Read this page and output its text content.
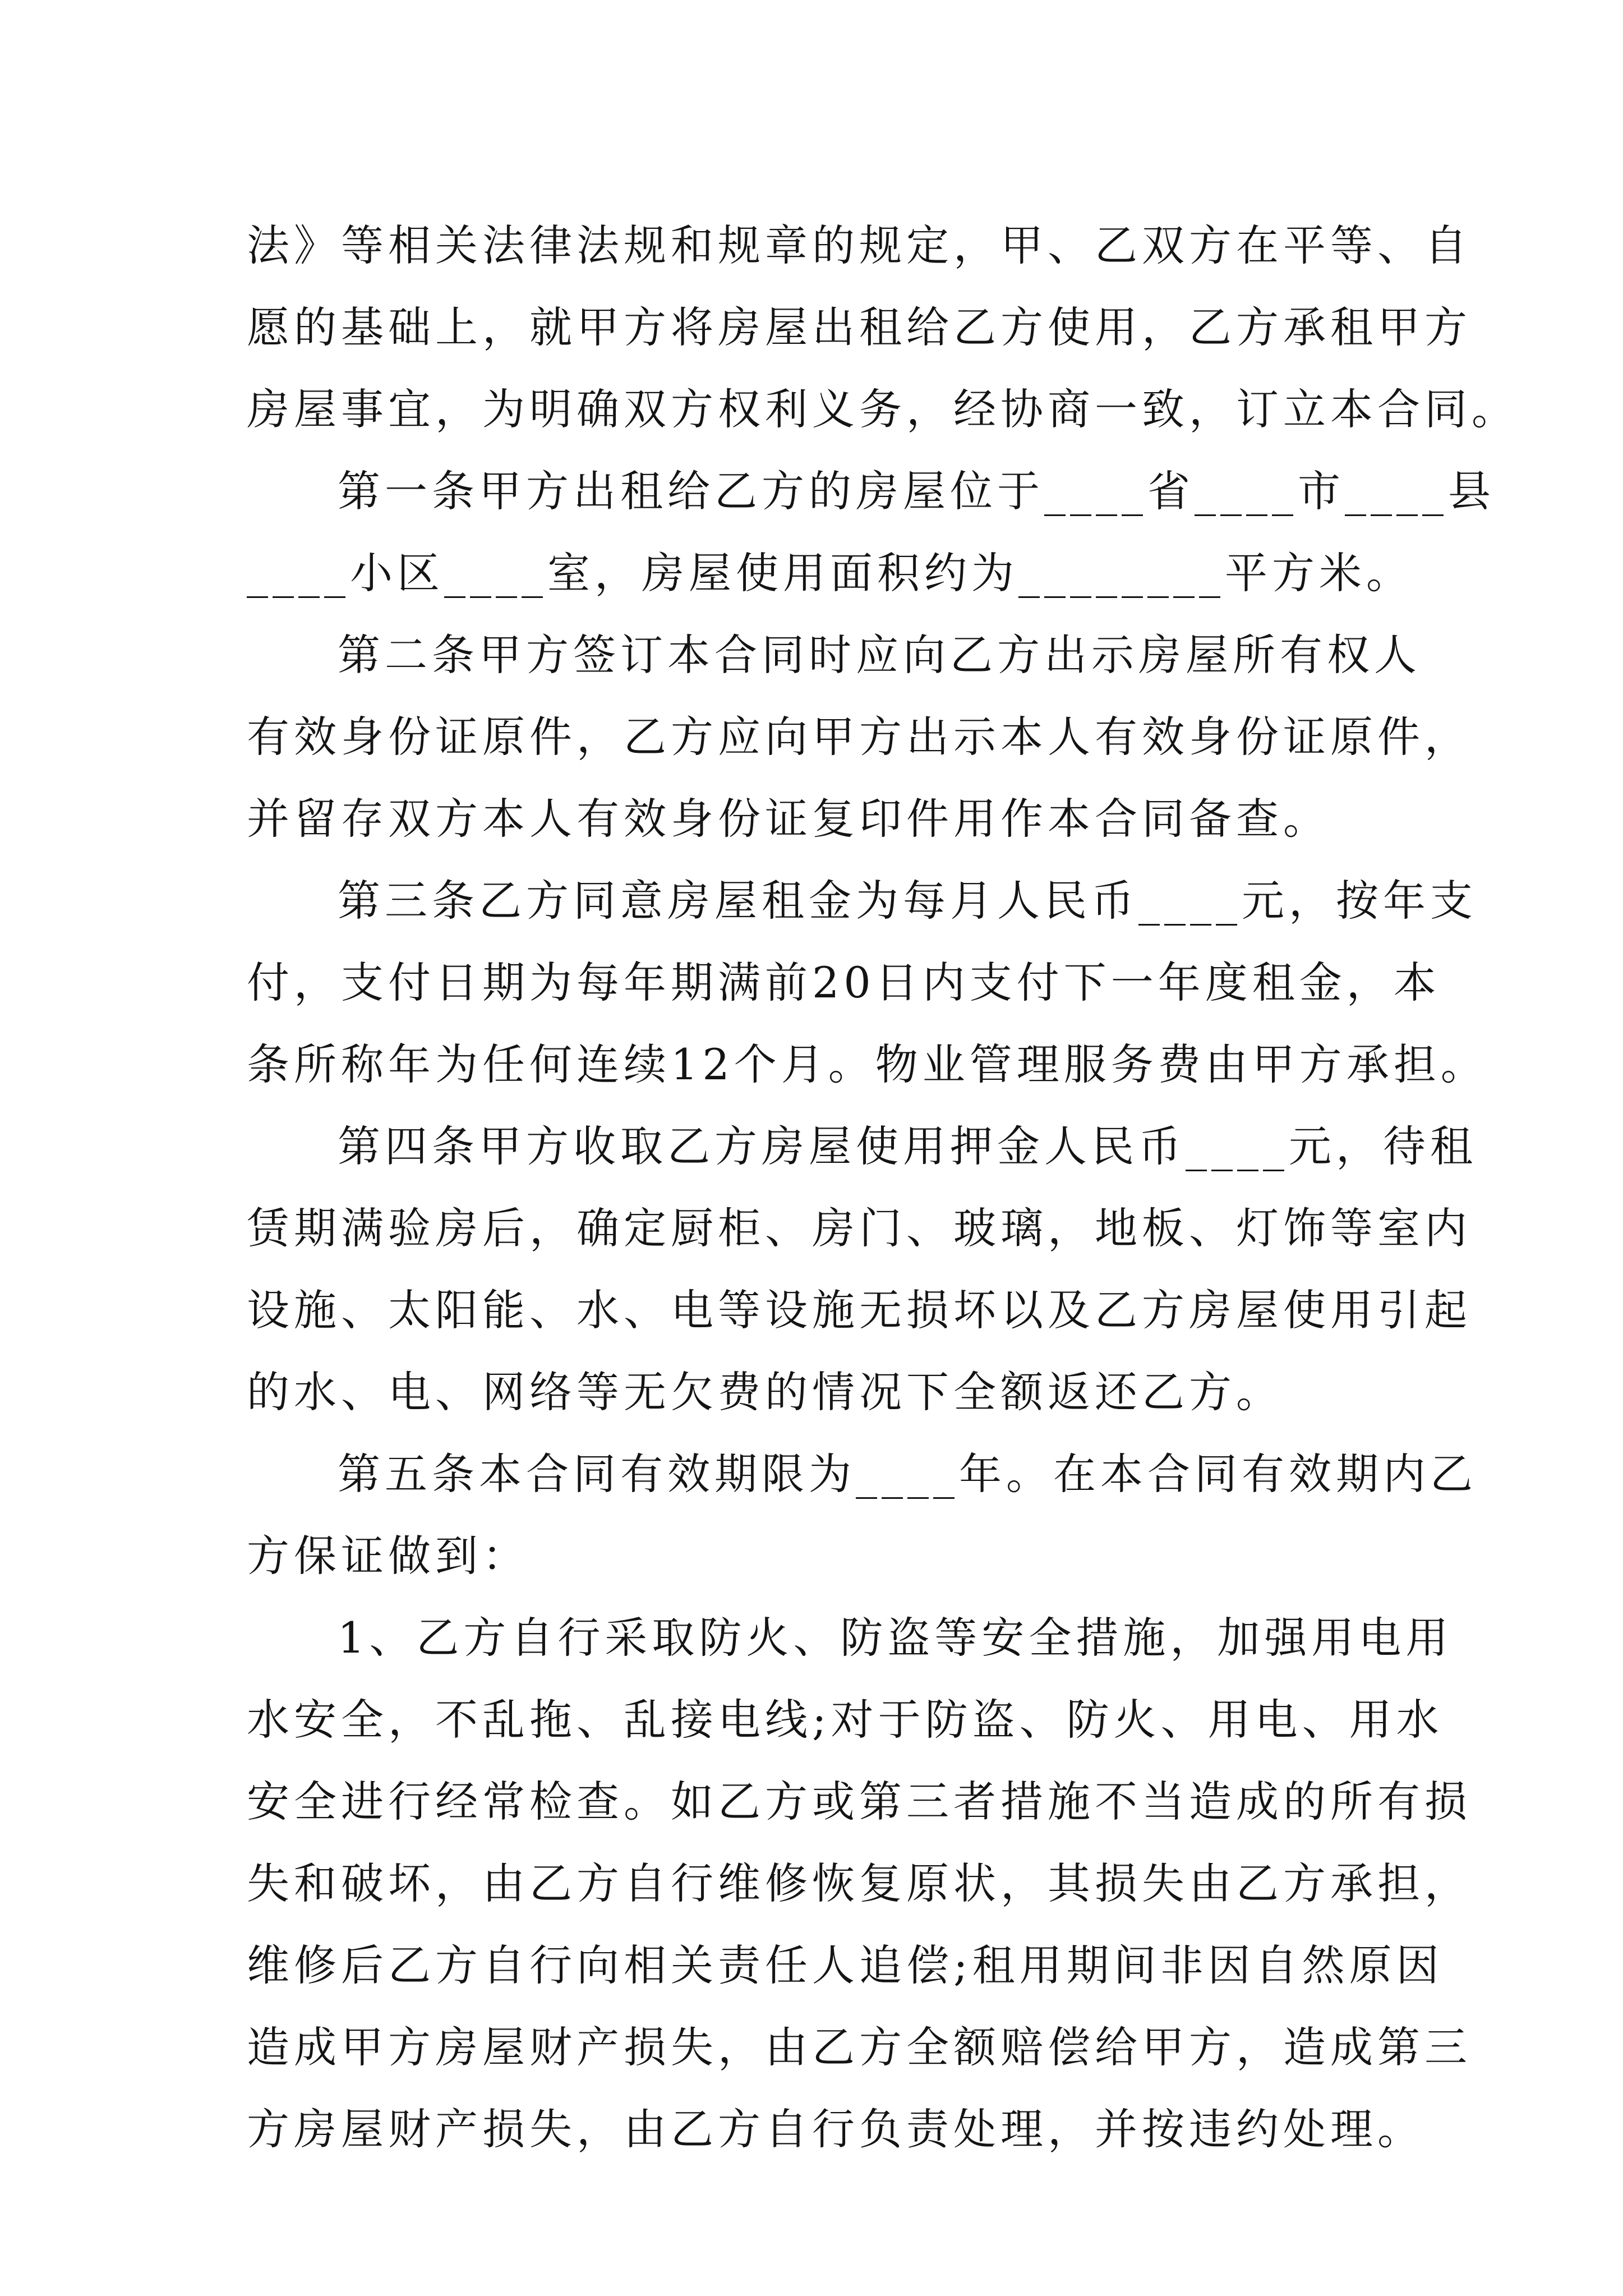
法》等相关法律法规和规章的规定，甲、乙双方在平等、自
愿的基础上，就甲方将房屋出租给乙方使用，乙方承租甲方
房屋事宜，为明确双方权利义务，经协商一致，订立本合同。
第一条甲方出租给乙方的房屋位于____省____市____县
____小区____室，房屋使用面积约为________平方米。
第二条甲方签订本合同时应向乙方出示房屋所有权人
有效身份证原件，乙方应向甲方出示本人有效身份证原件，
并留存双方本人有效身份证复印件用作本合同备查。
第三条乙方同意房屋租金为每月人民币____元，按年支
付，支付日期为每年期满前20日内支付下一年度租金，本
条所称年为任何连续12个月。物业管理服务费由甲方承担。
第四条甲方收取乙方房屋使用押金人民币____元，待租
赁期满验房后，确定厨柜、房门、玻璃，地板、灯饰等室内
设施、太阳能、水、电等设施无损坏以及乙方房屋使用引起
的水、电、网络等无欠费的情况下全额返还乙方。
第五条本合同有效期限为____年。在本合同有效期内乙
方保证做到：
1、乙方自行采取防火、防盗等安全措施，加强用电用
水安全，不乱拖、乱接电线;对于防盗、防火、用电、用水
安全进行经常检查。如乙方或第三者措施不当造成的所有损
失和破坏，由乙方自行维修恢复原状，其损失由乙方承担，
维修后乙方自行向相关责任人追偿;租用期间非因自然原因
造成甲方房屋财产损失，由乙方全额赔偿给甲方，造成第三
方房屋财产损失，由乙方自行负责处理，并按违约处理。
